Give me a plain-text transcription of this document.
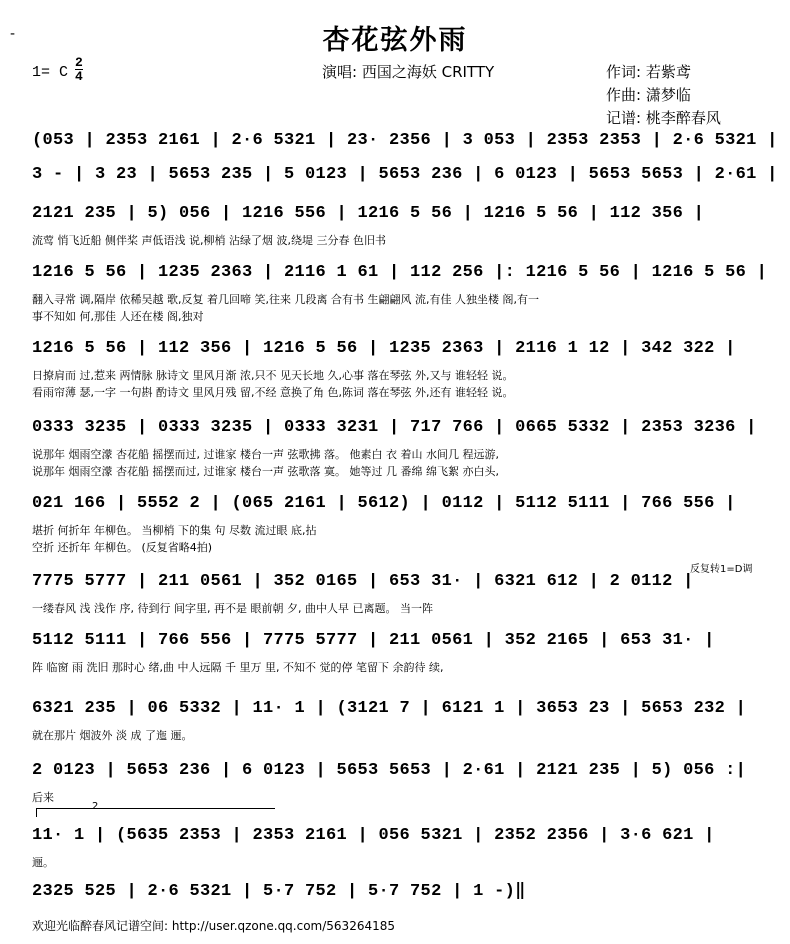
-	杏花弦外雨
1= C
2
4	演唱: 西国之海妖 CRITTY	作词: 若紫鸢
作曲: 潇梦临
记谱: 桃李醉春风
(053 | 2353 2161 | 2·6 5321 | 23· 2356 | 3 053 | 2353 2353 | 2·6 5321 |
3 - | 3 23 | 5653 235 | 5 0123 | 5653 236 | 6 0123 | 5653 5653 | 2·61 |
2121 235 | 5) 056 | 1216 556 | 1216 5 56 | 1216 5 56 | 112 356 |
流莺 悄飞近船 侧伴桨 声低语浅 说,柳梢 沾绿了烟 波,绕堤 三分春 色旧书
1216 5 56 | 1235 2363 | 2116 1 61 | 112 256 |: 1216 5 56 | 1216 5 56 |
翻入寻常 调,隔岸 依稀吴越 歌,反复 着几回啼 笑,往来 几段离 合有书 生翩翩风 流,有佳 人独坐楼 阁,有一
事不知如 何,那佳 人还在楼 阁,独对
1216 5 56 | 112 356 | 1216 5 56 | 1235 2363 | 2116 1 12 | 342 322 |
日撩肩而 过,惹来 两情脉 脉诗文 里风月渐 浓,只不 见天长地 久,心事 落在琴弦 外,又与 谁轻轻 说。
看雨帘薄 瑟,一字 一句斟 酌诗文 里风月残 留,不经 意换了角 色,陈词 落在琴弦 外,还有 谁轻轻 说。
0333 3235 | 0333 3235 | 0333 3231 | 717 766 | 0665 5332 | 2353 3236 |
说那年 烟雨空濛 杏花船 摇摆而过, 过谁家 楼台一声 弦歌拂 落。 他素白 衣 着山 水间几 程远游,
说那年 烟雨空濛 杏花船 摇摆而过, 过谁家 楼台一声 弦歌落 寞。 她等过 几 番绵 绵飞絮 亦白头,
021 166 | 5552 2 | (065 2161 | 5612) | 0112 | 5112 5111 | 766 556 |
堪折 何折年 年柳色。 当柳梢 下的集 句 尽数 流过眼 底,拈
空折 还折年 年柳色。 (反复省略4拍)
反复转1=D调
7775 5777 | 211 0561 | 352 0165 | 653 31· | 6321 612 | 2 0112 |
一缕春风 浅 浅作 序, 待到行 间字里, 再不是 眼前朝 夕, 曲中人早 已离题。 当一阵
5112 5111 | 766 556 | 7775 5777 | 211 0561 | 352 2165 | 653 31· |
阵 临窗 雨 洗旧 那时心 绪,曲 中人远隔 千 里万 里, 不知不 觉的停 笔留下 余韵待 续,
6321 235 | 06 5332 | 11· 1 | (3121 7 | 6121 1 | 3653 23 | 5653 232 |
就在那片 烟波外 淡 成 了迤 逦。
2 0123 | 5653 236 | 6 0123 | 5653 5653 | 2·61 | 2121 235 | 5) 056 :|
后来
2
11· 1 | (5635 2353 | 2353 2161 | 056 5321 | 2352 2356 | 3·6 621 |
逦。
2325 525 | 2·6 5321 | 5·7 752 | 5·7 752 | 1 -)‖
欢迎光临醉春风记谱空间: http://user.qzone.qq.com/563264185
